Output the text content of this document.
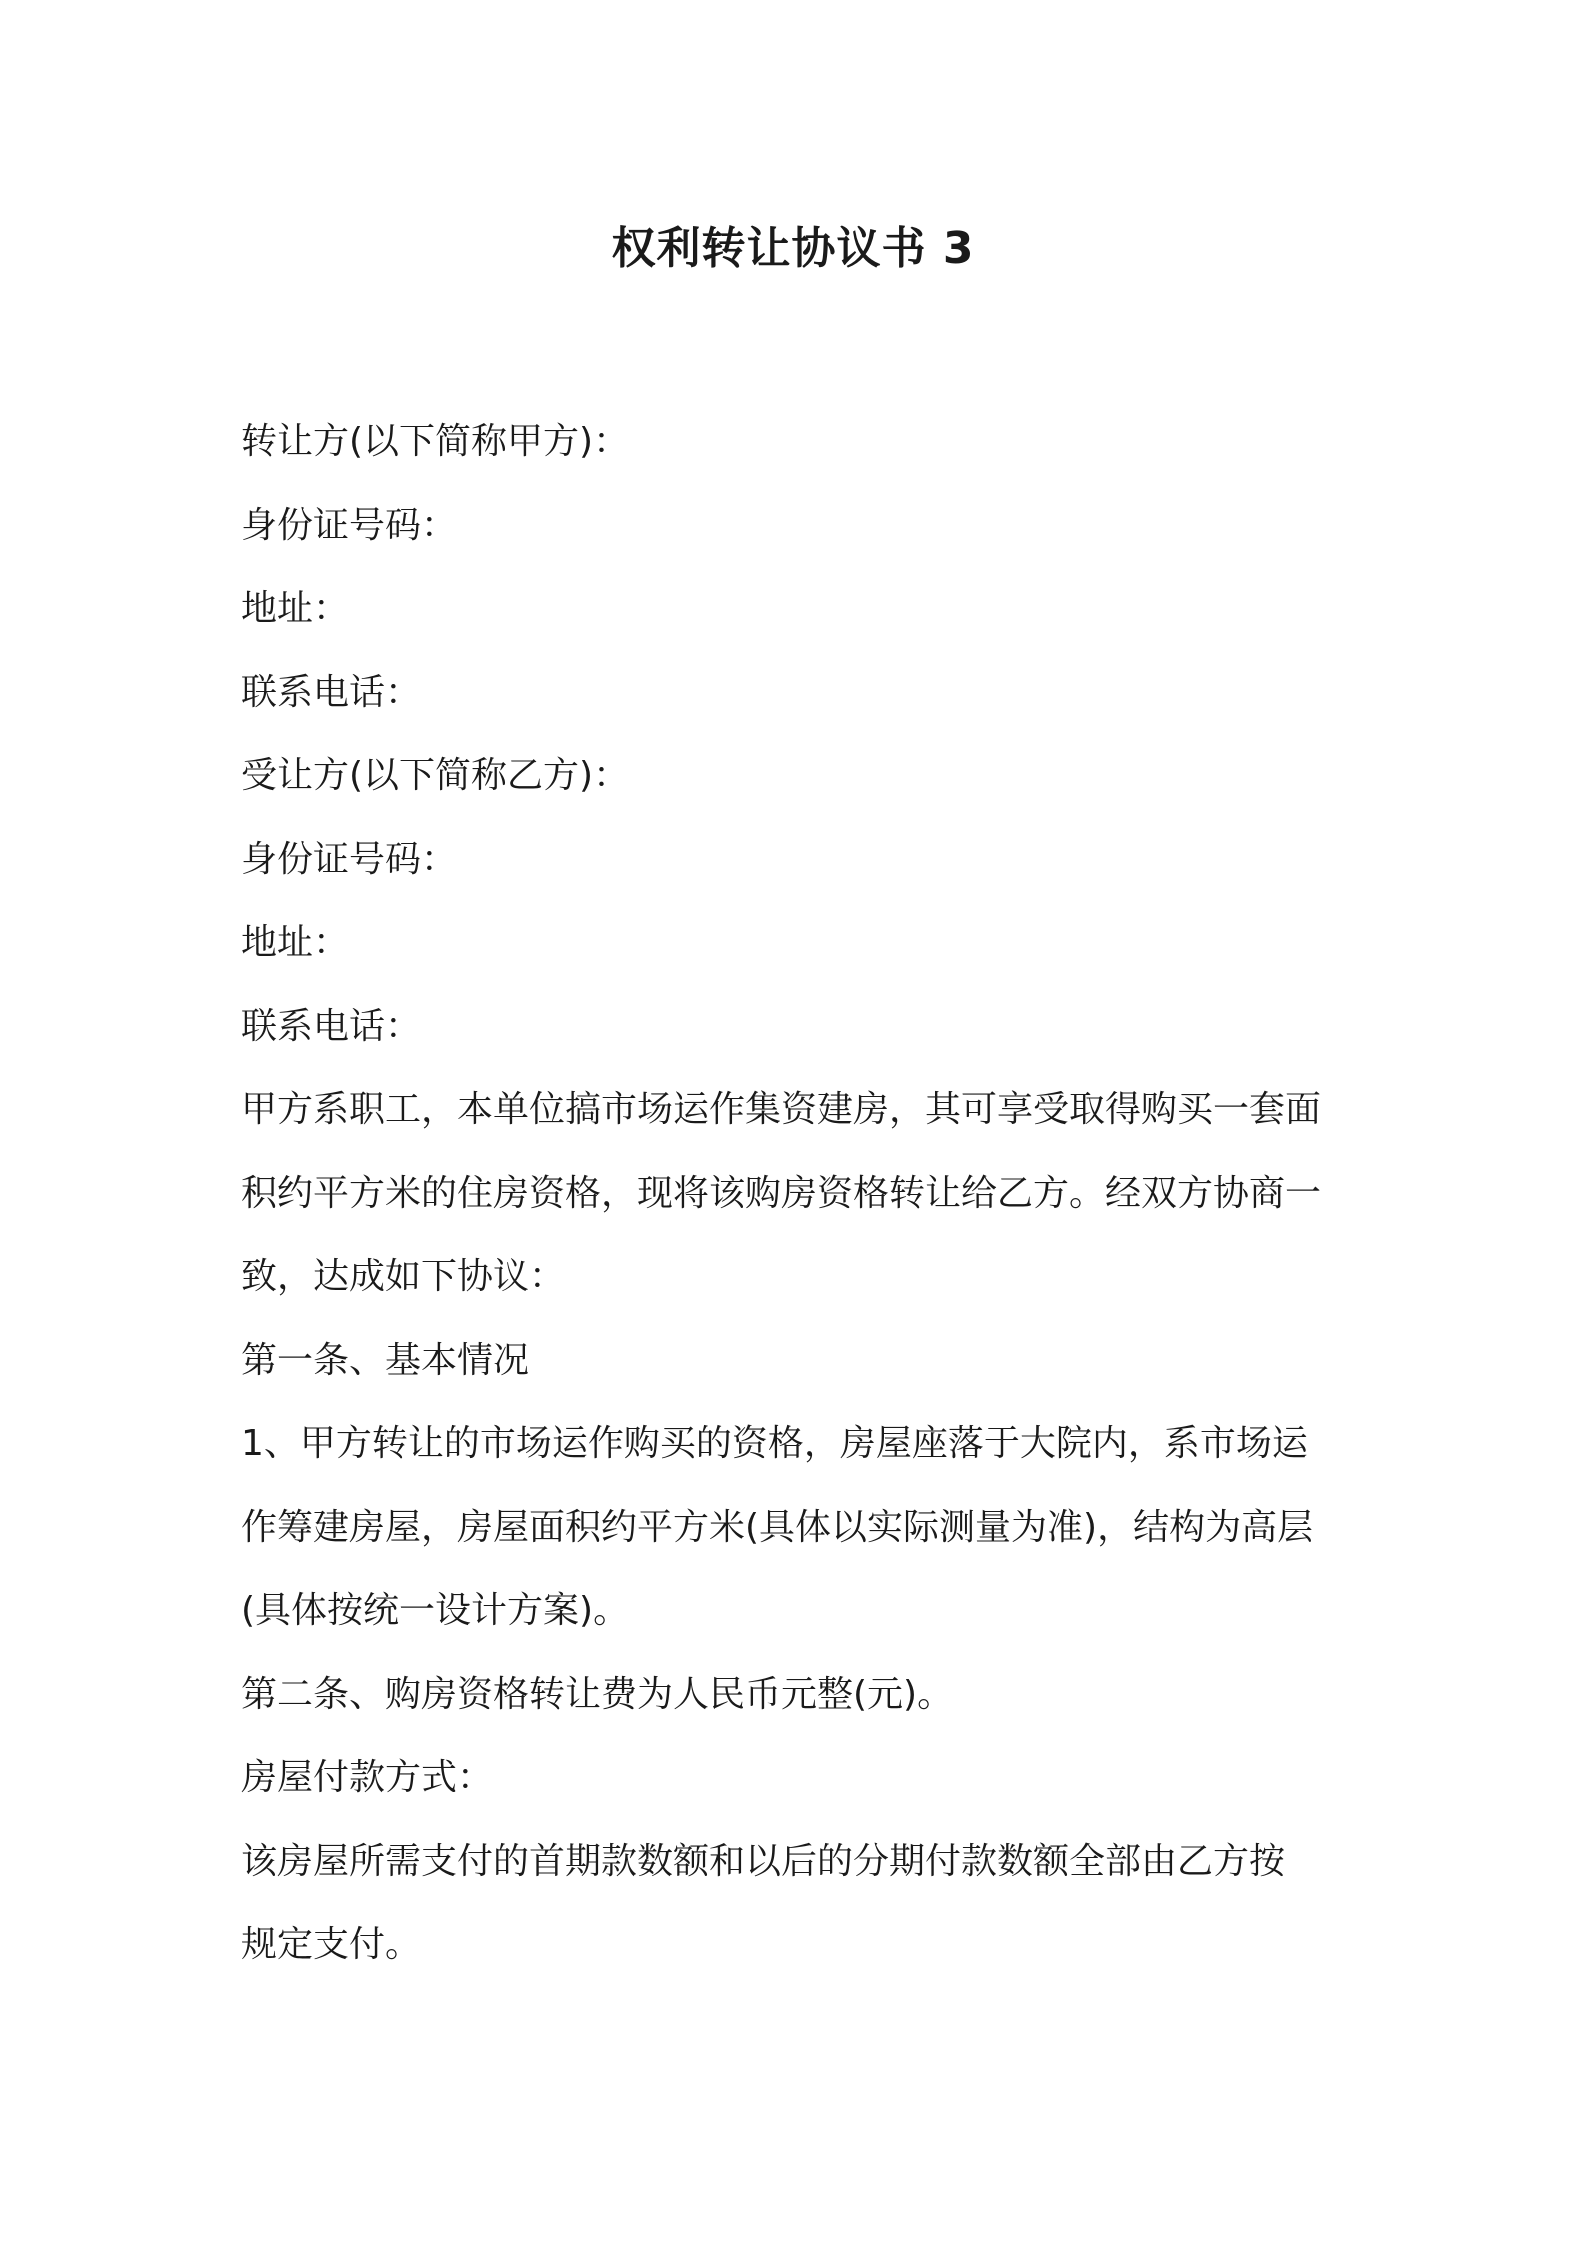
权利转让协议书 3

转让方(以下简称甲方)：

身份证号码：

地址：

联系电话：

受让方(以下简称乙方)：

身份证号码：

地址：

联系电话：

甲方系职工，本单位搞市场运作集资建房，其可享受取得购买一套面

积约平方米的住房资格，现将该购房资格转让给乙方。经双方协商一

致，达成如下协议：

第一条、基本情况

1、甲方转让的市场运作购买的资格，房屋座落于大院内，系市场运

作筹建房屋，房屋面积约平方米(具体以实际测量为准)，结构为高层

(具体按统一设计方案)。

第二条、购房资格转让费为人民币元整(元)。

房屋付款方式：

该房屋所需支付的首期款数额和以后的分期付款数额全部由乙方按

规定支付。
